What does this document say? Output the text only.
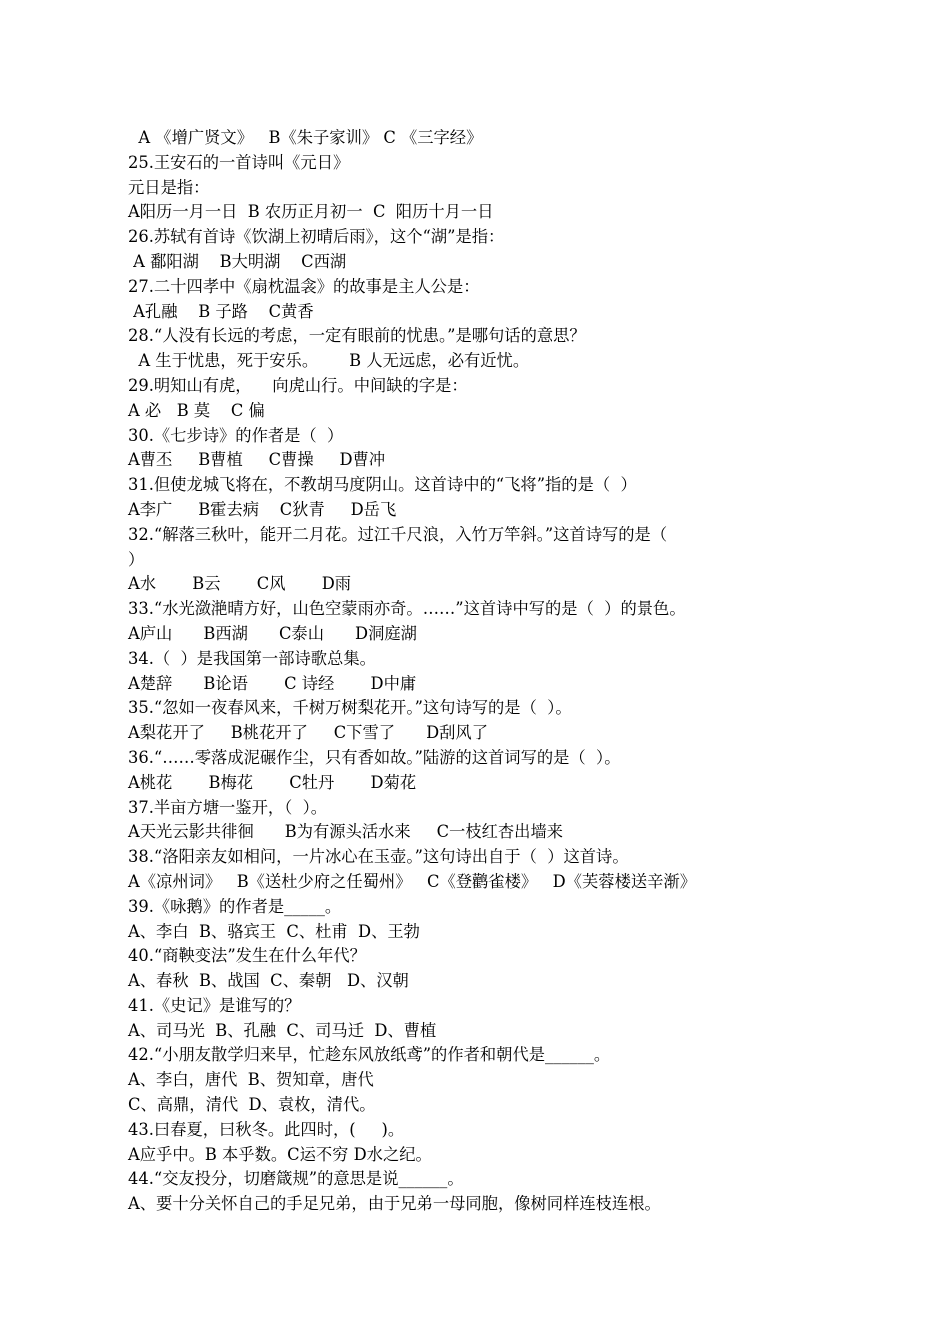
A 《增广贤文》   B《朱子家训》 C 《三字经》
25.王安石的一首诗叫《元日》
元日是指：
A阳历一月一日  B 农历正月初一  C  阳历十月一日
26.苏轼有首诗《饮湖上初晴后雨》，这个“湖”是指：
A 鄱阳湖    B大明湖    C西湖
27.二十四孝中《扇枕温衾》的故事是主人公是：
A孔融    B 子路    C黄香
28.“人没有长远的考虑，一定有眼前的忧患。”是哪句话的意思？
A 生于忧患，死于安乐。      B 人无远虑，必有近忧。
29.明知山有虎，    向虎山行。中间缺的字是：
A 必   B 莫    C 偏
30.《七步诗》的作者是（  ）
A曹丕     B曹植     C曹操     D曹冲
31.但使龙城飞将在，不教胡马度阴山。这首诗中的“飞将”指的是（  ）
A李广     B霍去病    C狄青     D岳飞
32.“解落三秋叶，能开二月花。过江千尺浪，入竹万竿斜。”这首诗写的是（
）
A水       B云       C风       D雨
33.“水光潋滟晴方好，山色空蒙雨亦奇。……”这首诗中写的是（  ）的景色。
A庐山      B西湖      C泰山      D洞庭湖
34.（  ）是我国第一部诗歌总集。
A楚辞      B论语       C 诗经       D中庸
35.“忽如一夜春风来，千树万树梨花开。”这句诗写的是（  ）。
A梨花开了     B桃花开了     C下雪了      D刮风了
36.“……零落成泥碾作尘，只有香如故。”陆游的这首词写的是（  ）。
A桃花       B梅花       C牡丹       D菊花
37.半亩方塘一鉴开，（  ）。
A天光云影共徘徊      B为有源头活水来     C一枝红杏出墙来
38.“洛阳亲友如相问，一片冰心在玉壶。”这句诗出自于（  ）这首诗。
A《凉州词》   B《送杜少府之任蜀州》   C《登鹳雀楼》   D《芙蓉楼送辛渐》
39.《咏鹅》的作者是_____。
A、李白  B、骆宾王  C、杜甫  D、王勃
40.“商鞅变法”发生在什么年代？
A、春秋  B、战国  C、秦朝   D、汉朝
41.《史记》是谁写的？
A、司马光  B、孔融  C、司马迁  D、曹植
42.“小朋友散学归来早，忙趁东风放纸鸢”的作者和朝代是______。
A、李白，唐代  B、贺知章，唐代
C、高鼎，清代  D、袁枚，清代。
43.曰春夏，曰秋冬。此四时，(     )。
A应乎中。B 本乎数。C运不穷 D水之纪。
44.“交友投分，切磨箴规”的意思是说______。
A、要十分关怀自己的手足兄弟，由于兄弟一母同胞，像树同样连枝连根。
